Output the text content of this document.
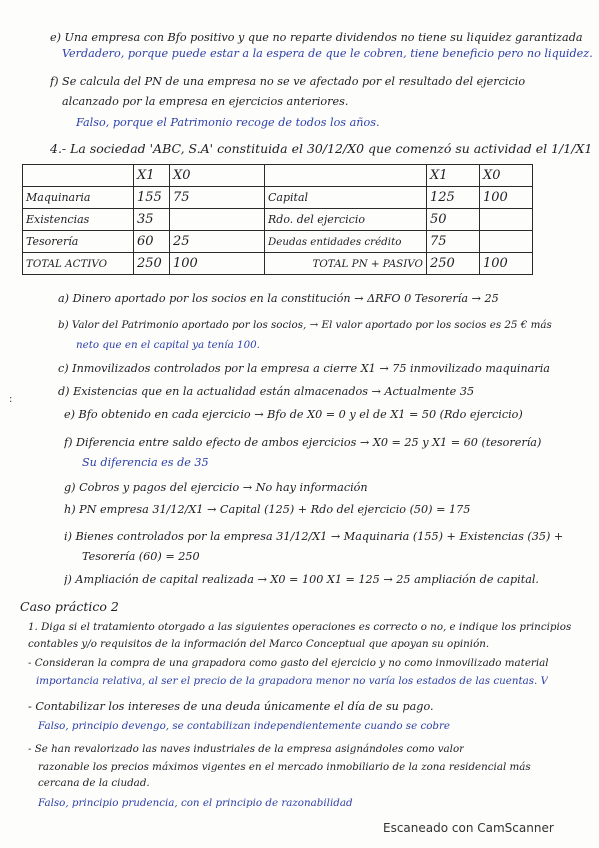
e) Una empresa con Bfo positivo y que no reparte dividendos no tiene su liquidez garantizada
Verdadero, porque puede estar a la espera de que le cobren, tiene beneficio pero no liquidez.
f) Se calcula del PN de una empresa no se ve afectado por el resultado del ejercicio
alcanzado por la empresa en ejercicios anteriores.
Falso, porque el Patrimonio recoge de todos los años.
4.- La sociedad 'ABC, S.A' constituida el 30/12/X0 que comenzó su actividad el 1/1/X1
	X1	X0		X1	X0
Maquinaria	155	75	Capital	125	100
Existencias	35		Rdo. del ejercicio	50	
Tesorería	60	25	Deudas entidades crédito	75	
TOTAL ACTIVO	250	100	TOTAL PN + PASIVO	250	100
a) Dinero aportado por los socios en la constitución → ΔRFO 0 Tesorería → 25
b) Valor del Patrimonio aportado por los socios, → El valor aportado por los socios es 25 € más
neto que en el capital ya tenía 100.
c) Inmovilizados controlados por la empresa a cierre X1 → 75 inmovilizado maquinaria
d) Existencias que en la actualidad están almacenados → Actualmente 35
e) Bfo obtenido en cada ejercicio → Bfo de X0 = 0 y el de X1 = 50 (Rdo ejercicio)
f) Diferencia entre saldo efecto de ambos ejercicios → X0 = 25 y X1 = 60 (tesorería)
Su diferencia es de 35
g) Cobros y pagos del ejercicio → No hay información
h) PN empresa 31/12/X1 → Capital (125) + Rdo del ejercicio (50) = 175
i) Bienes controlados por la empresa 31/12/X1 → Maquinaria (155) + Existencias (35) +
Tesorería (60) = 250
j) Ampliación de capital realizada → X0 = 100 X1 = 125 → 25 ampliación de capital.
Caso práctico 2
1. Diga si el tratamiento otorgado a las siguientes operaciones es correcto o no, e indique los principios
contables y/o requisitos de la información del Marco Conceptual que apoyan su opinión.
- Consideran la compra de una grapadora como gasto del ejercicio y no como inmovilizado material
importancia relativa, al ser el precio de la grapadora menor no varía los estados de las cuentas. V
- Contabilizar los intereses de una deuda únicamente el día de su pago.
Falso, principio devengo, se contabilizan independientemente cuando se cobre
- Se han revalorizado las naves industriales de la empresa asignándoles como valor
razonable los precios máximos vigentes en el mercado inmobiliario de la zona residencial más
cercana de la ciudad.
Falso, principio prudencia, con el principio de razonabilidad
:
Escaneado con CamScanner
